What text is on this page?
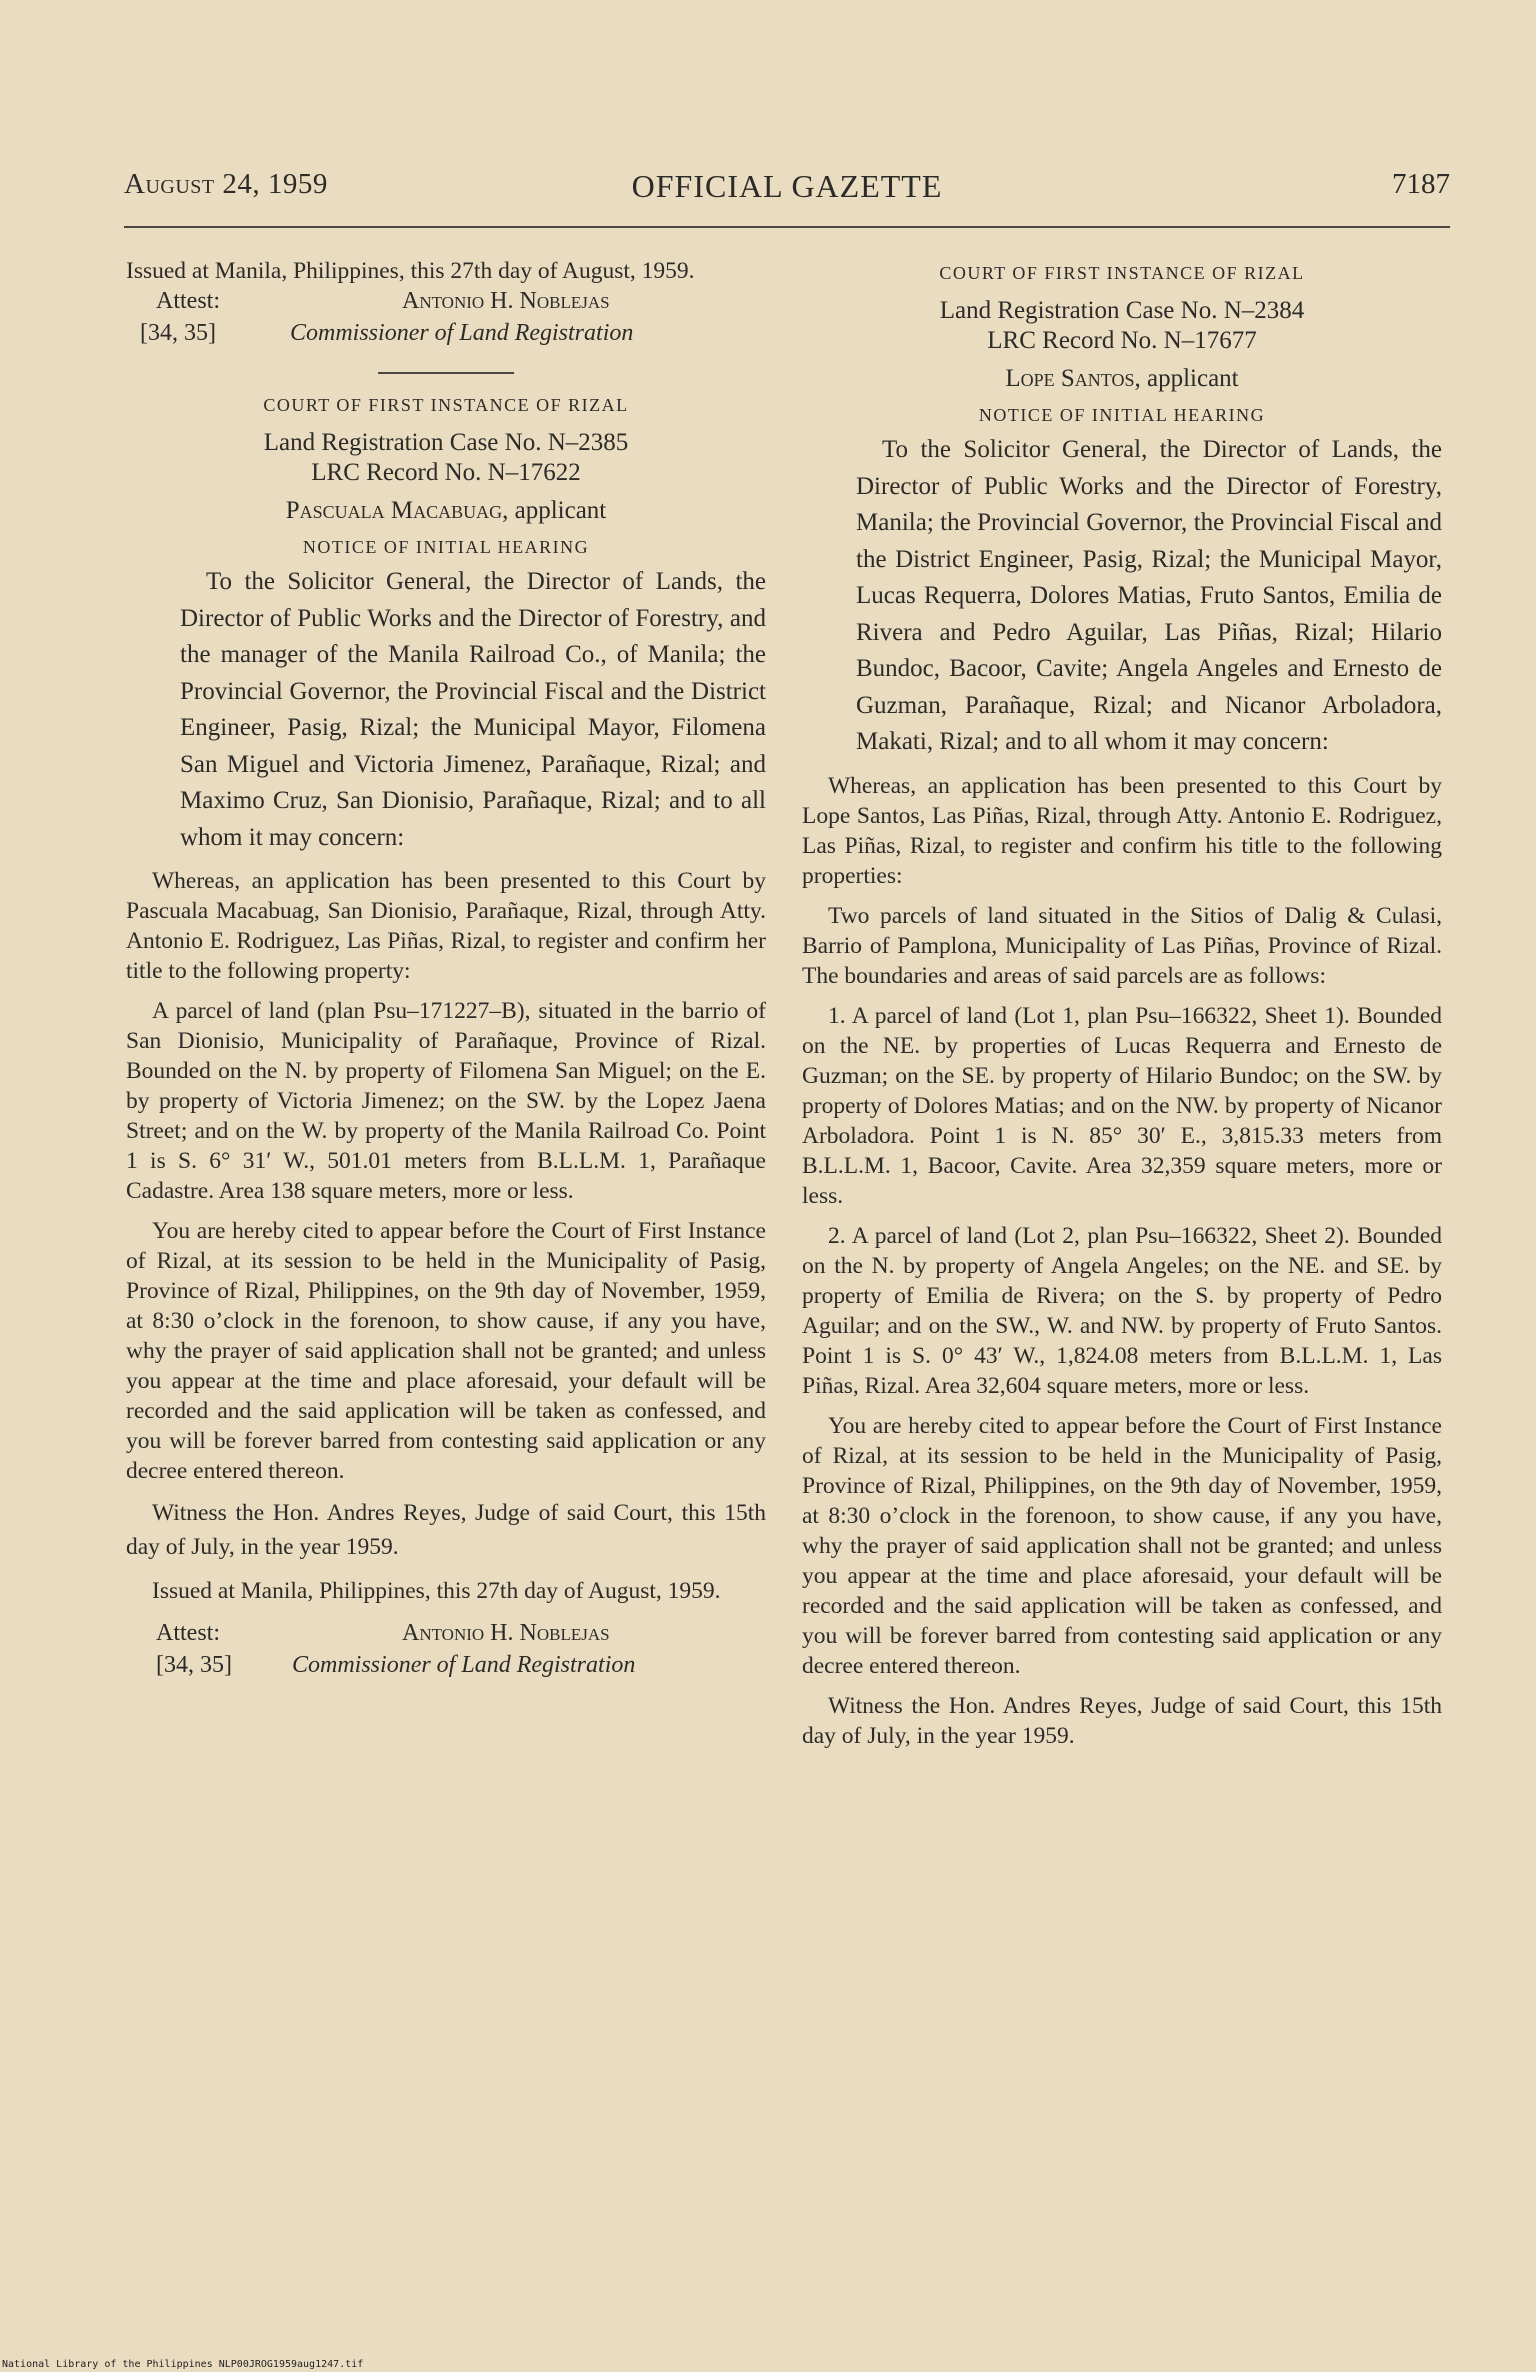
OFFICIAL GAZETTE
August 24, 1959	7187

Issued at Manila, Philippines, this 27th day of August, 1959.

Attest:	Antonio H. Noblejas
[34, 35]	Commissioner of Land Registration
COURT OF FIRST INSTANCE OF RIZAL
Land Registration Case No. N–2385
LRC Record No. N–17622
Pascuala Macabuag, applicant
NOTICE OF INITIAL HEARING

To the Solicitor General, the Director of Lands, the Director of Public Works and the Director of Forestry, and the manager of the Manila Railroad Co., of Manila; the Provincial Governor, the Provincial Fiscal and the District Engineer, Pasig, Rizal; the Municipal Mayor, Filomena San Miguel and Victoria Jimenez, Parañaque, Rizal; and Maximo Cruz, San Dionisio, Parañaque, Rizal; and to all whom it may concern:

Whereas, an application has been presented to this Court by Pascuala Macabuag, San Dionisio, Parañaque, Rizal, through Atty. Antonio E. Rodriguez, Las Piñas, Rizal, to register and confirm her title to the following property:

A parcel of land (plan Psu–171227–B), situated in the barrio of San Dionisio, Municipality of Parañaque, Province of Rizal. Bounded on the N. by property of Filomena San Miguel; on the E. by property of Victoria Jimenez; on the SW. by the Lopez Jaena Street; and on the W. by property of the Manila Railroad Co. Point 1 is S. 6° 31′ W., 501.01 meters from B.L.L.M. 1, Parañaque Cadastre. Area 138 square meters, more or less.

You are hereby cited to appear before the Court of First Instance of Rizal, at its session to be held in the Municipality of Pasig, Province of Rizal, Philippines, on the 9th day of November, 1959, at 8:30 o’clock in the forenoon, to show cause, if any you have, why the prayer of said application shall not be granted; and unless you appear at the time and place aforesaid, your default will be recorded and the said application will be taken as confessed, and you will be forever barred from contesting said application or any decree entered thereon.

Witness the Hon. Andres Reyes, Judge of said Court, this 15th day of July, in the year 1959.

Issued at Manila, Philippines, this 27th day of August, 1959.

Attest:	Antonio H. Noblejas
[34, 35]	Commissioner of Land Registration
COURT OF FIRST INSTANCE OF RIZAL
Land Registration Case No. N–2384
LRC Record No. N–17677
Lope Santos, applicant
NOTICE OF INITIAL HEARING

To the Solicitor General, the Director of Lands, the Director of Public Works and the Director of Forestry, Manila; the Provincial Governor, the Provincial Fiscal and the District Engineer, Pasig, Rizal; the Municipal Mayor, Lucas Requerra, Dolores Matias, Fruto Santos, Emilia de Rivera and Pedro Aguilar, Las Piñas, Rizal; Hilario Bundoc, Bacoor, Cavite; Angela Angeles and Ernesto de Guzman, Parañaque, Rizal; and Nicanor Arboladora, Makati, Rizal; and to all whom it may concern:

Whereas, an application has been presented to this Court by Lope Santos, Las Piñas, Rizal, through Atty. Antonio E. Rodriguez, Las Piñas, Rizal, to register and confirm his title to the following properties:

Two parcels of land situated in the Sitios of Dalig & Culasi, Barrio of Pamplona, Municipality of Las Piñas, Province of Rizal. The boundaries and areas of said parcels are as follows:

1. A parcel of land (Lot 1, plan Psu–166322, Sheet 1). Bounded on the NE. by properties of Lucas Requerra and Ernesto de Guzman; on the SE. by property of Hilario Bundoc; on the SW. by property of Dolores Matias; and on the NW. by property of Nicanor Arboladora. Point 1 is N. 85° 30′ E., 3,815.33 meters from B.L.L.M. 1, Bacoor, Cavite. Area 32,359 square meters, more or less.

2. A parcel of land (Lot 2, plan Psu–166322, Sheet 2). Bounded on the N. by property of Angela Angeles; on the NE. and SE. by property of Emilia de Rivera; on the S. by property of Pedro Aguilar; and on the SW., W. and NW. by property of Fruto Santos. Point 1 is S. 0° 43′ W., 1,824.08 meters from B.L.L.M. 1, Las Piñas, Rizal. Area 32,604 square meters, more or less.

You are hereby cited to appear before the Court of First Instance of Rizal, at its session to be held in the Municipality of Pasig, Province of Rizal, Philippines, on the 9th day of November, 1959, at 8:30 o’clock in the forenoon, to show cause, if any you have, why the prayer of said application shall not be granted; and unless you appear at the time and place aforesaid, your default will be recorded and the said application will be taken as confessed, and you will be forever barred from contesting said application or any decree entered thereon.

Witness the Hon. Andres Reyes, Judge of said Court, this 15th day of July, in the year 1959.

National Library of the Philippines NLP00JROG1959aug1247.tif
